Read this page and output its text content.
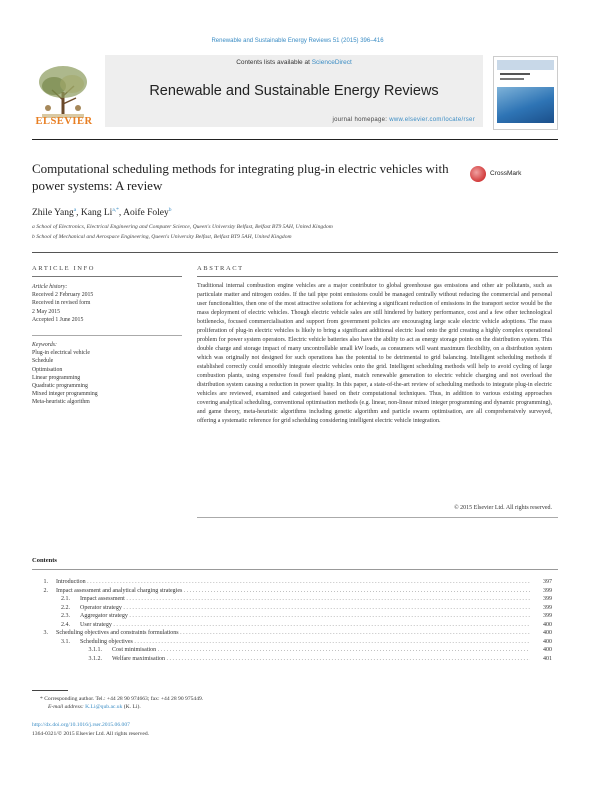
Renewable and Sustainable Energy Reviews 51 (2015) 396–416
ELSEVIER
Contents lists available at ScienceDirect
Renewable and Sustainable Energy Reviews
journal homepage: www.elsevier.com/locate/rser
Computational scheduling methods for integrating plug-in electric vehicles with power systems: A review
CrossMark
Zhile Yang$^a$, Kang $Li^{a,*}$, Aoife Foley$^b$
a School of Electronics, Electrical Engineering and Computer Science, Queen's University Belfast, Belfast BT9 5AH, United Kingdom
b School of Mechanical and Aerospace Engineering, Queen's University Belfast, Belfast BT9 5AH, United Kingdom
ARTICLE INFO
Article history:
Received 2 February 2015
Received in revised form
2 May 2015
Accepted 1 June 2015
Keywords:
Plug-in electrical vehicle
Schedule
Optimisation
Linear programming
Quadratic programming
Mixed integer programming
Meta-heuristic algorithm
ABSTRACT
Traditional internal combustion engine vehicles are a major contributor to global greenhouse gas emissions and other air pollutants, such as particulate matter and nitrogen oxides. If the tail pipe point emissions could be managed centrally without reducing the commercial and personal user functionalities, then one of the most attractive solutions for achieving a significant reduction of emissions in the transport sector would be the mass deployment of electric vehicles. Though electric vehicle sales are still hindered by battery performance, cost and a few other technological bottlenecks, focused commercialisation and support from government policies are encouraging large scale electric vehicle adoptions. The mass proliferation of plug-in electric vehicles is likely to bring a significant additional electric load onto the grid creating a highly complex operational problem for power system operators. Electric vehicle batteries also have the ability to act as energy storage points on the distribution system. This double charge and storage impact of many uncontrollable small kW loads, as consumers will want maximum flexibility, on a distribution system which was originally not designed for such operations has the potential to be detrimental to grid balancing. Intelligent scheduling methods if established correctly could smoothly integrate electric vehicles onto the grid. Intelligent scheduling methods will help to avoid cycling of large combustion plants, using expensive fossil fuel peaking plant, match renewable generation to electric vehicle charging and not overload the distribution system causing a reduction in power quality. In this paper, a state-of-the-art review of scheduling methods to integrate plug-in electric vehicles are reviewed, examined and categorised based on their computational techniques. Thus, in addition to various existing approaches covering analytical scheduling, conventional optimisation methods (e.g. linear, non-linear mixed integer programming and dynamic programming), and game theory, meta-heuristic algorithms including genetic algorithm and particle swarm optimisation, are all comprehensively surveyed, offering a systematic reference for grid scheduling considering intelligent electric vehicle integration.
© 2015 Elsevier Ltd. All rights reserved.
Contents
1. Introduction . . .	397
2. Impact assessment and analytical charging strategies . . .	399
2.1. Impact assessment . . .	399
2.2. Operator strategy . . .	399
2.3. Aggregator strategy . . .	399
2.4. User strategy . . .	400
3. Scheduling objectives and constraints formulations . . .	400
3.1. Scheduling objectives . . .	400
3.1.1. Cost minimisation . . .	400
3.1.2. Welfare maximisation . . .	401
* Corresponding author. Tel.: +44 28 90 974663; fax: +44 28 90 975449.
E-mail address: K.Li@qub.ac.uk (K. Li).
http://dx.doi.org/10.1016/j.rser.2015.06.007
1364-0321/© 2015 Elsevier Ltd. All rights reserved.
